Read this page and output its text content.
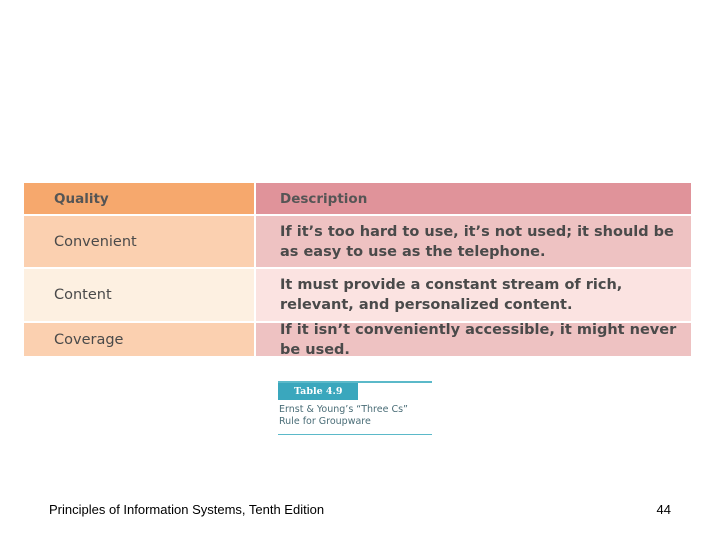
Quality	Description
Convenient
If it’s too hard to use, it’s not used; it should be as easy to use as the telephone.
Content
It must provide a constant stream of rich, relevant, and personalized content.
Coverage
If it isn’t conveniently accessible, it might never be used.
Table 4.9
Ernst & Young’s “Three Cs” Rule for Groupware
Principles of Information Systems, Tenth Edition	44
